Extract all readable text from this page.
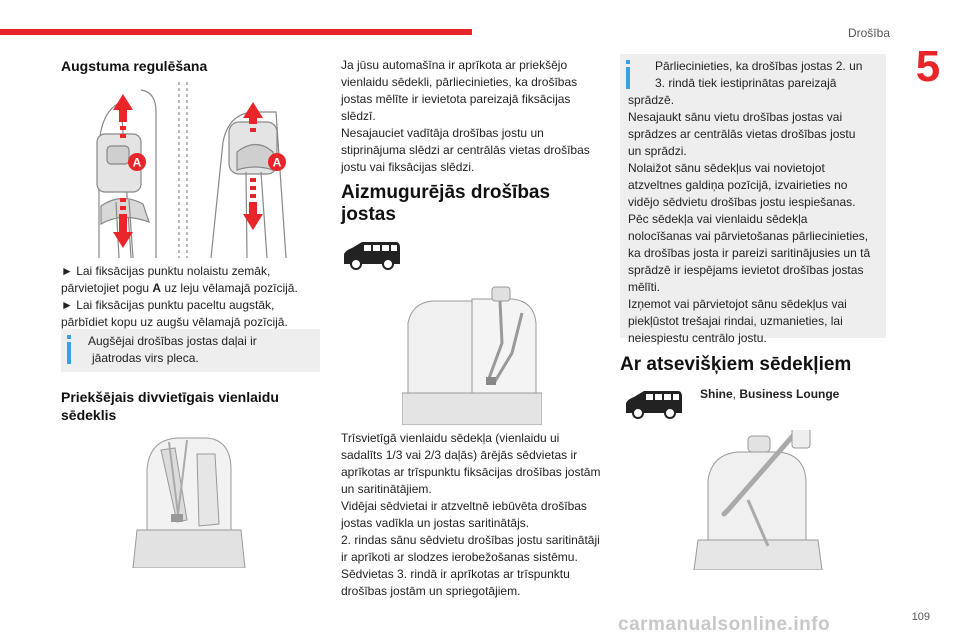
Drošība
5
Augstuma regulēšana
A	A

► Lai fiksācijas punktu nolaistu zemāk,

pārvietojiet pogu A uz leju vēlamajā pozīcijā.

► Lai fiksācijas punktu paceltu augstāk,

pārbīdiet kopu uz augšu vēlamajā pozīcijā.

Augšējai drošības jostas daļai ir
jāatrodas virs pleca.
Priekšējais divvietīgais vienlaidu
sēdeklis

Ja jūsu automašīna ir aprīkota ar priekšējo

vienlaidu sēdekli, pārliecinieties, ka drošības

jostas mēlīte ir ievietota pareizajā fiksācijas

slēdzī.

Nesajauciet vadītāja drošības jostu un

stiprinājuma slēdzi ar centrālās vietas drošības

jostu vai fiksācijas slēdzi.

Aizmugurējās drošības
jostas

Trīsvietīgā vienlaidu sēdekļa (vienlaidu ui

sadalīts 1/3 vai 2/3 daļās) ārējās sēdvietas ir

aprīkotas ar trīspunktu fiksācijas drošības jostām

un saritinātājiem.

Vidējai sēdvietai ir atzveltnē iebūvēta drošības

jostas vadīkla un jostas saritinātājs.

2. rindas sānu sēdvietu drošības jostu saritinātāji

ir aprīkoti ar slodzes ierobežošanas sistēmu.

Sēdvietas 3. rindā ir aprīkotas ar trīspunktu

drošības jostām un spriegotājiem.

Pārliecinieties, ka drošības jostas 2. un
3. rindā tiek iestiprinātas pareizajā
sprādzē.
Nesajaukt sānu vietu drošības jostas vai
sprādzes ar centrālās vietas drošības jostu
un sprādzi.
Nolaižot sānu sēdekļus vai novietojot
atzveltnes galdiņa pozīcijā, izvairieties no
vidējo sēdvietu drošības jostu iespiešanas.
Pēc sēdekļa vai vienlaidu sēdekļa
nolocīšanas vai pārvietošanas pārliecinieties,
ka drošības josta ir pareizi saritinājusies un tā
sprādzē ir iespējams ievietot drošības jostas
mēlīti.
Izņemot vai pārvietojot sānu sēdekļus vai
piekļūstot trešajai rindai, uzmanieties, lai
neiespiestu centrālo jostu.
Ar atsevišķiem sēdekļiem
Shine, Business Lounge
109
carmanualsonline.info
